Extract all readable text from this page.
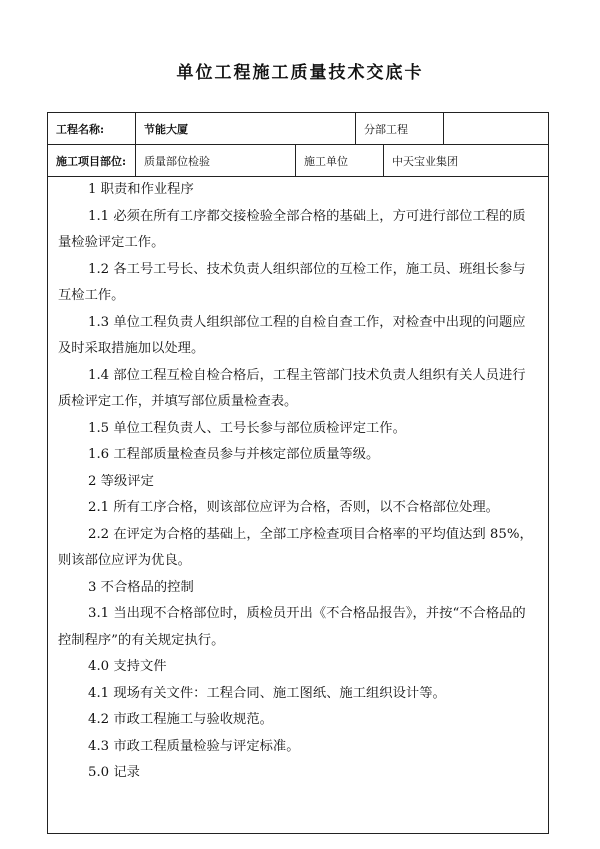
单位工程施工质量技术交底卡
工程名称:	节能大厦	分部工程
施工项目部位:	质量部位检验	施工单位	中天宝业集团

1 职责和作业程序

1.1 必须在所有工序都交接检验全部合格的基础上，方可进行部位工程的质量检验评定工作。

1.2 各工号工号长、技术负责人组织部位的互检工作，施工员、班组长参与互检工作。

1.3 单位工程负责人组织部位工程的自检自查工作，对检查中出现的问题应及时采取措施加以处理。

1.4 部位工程互检自检合格后，工程主管部门技术负责人组织有关人员进行质检评定工作，并填写部位质量检查表。

1.5 单位工程负责人、工号长参与部位质检评定工作。

1.6 工程部质量检查员参与并核定部位质量等级。

2 等级评定

2.1 所有工序合格，则该部位应评为合格，否则，以不合格部位处理。

2.2 在评定为合格的基础上，全部工序检查项目合格率的平均值达到 85%，则该部位应评为优良。

3 不合格品的控制

3.1 当出现不合格部位时，质检员开出《不合格品报告》，并按“不合格品的控制程序”的有关规定执行。

4.0 支持文件

4.1 现场有关文件：工程合同、施工图纸、施工组织设计等。

4.2 市政工程施工与验收规范。

4.3 市政工程质量检验与评定标准。

5.0 记录
